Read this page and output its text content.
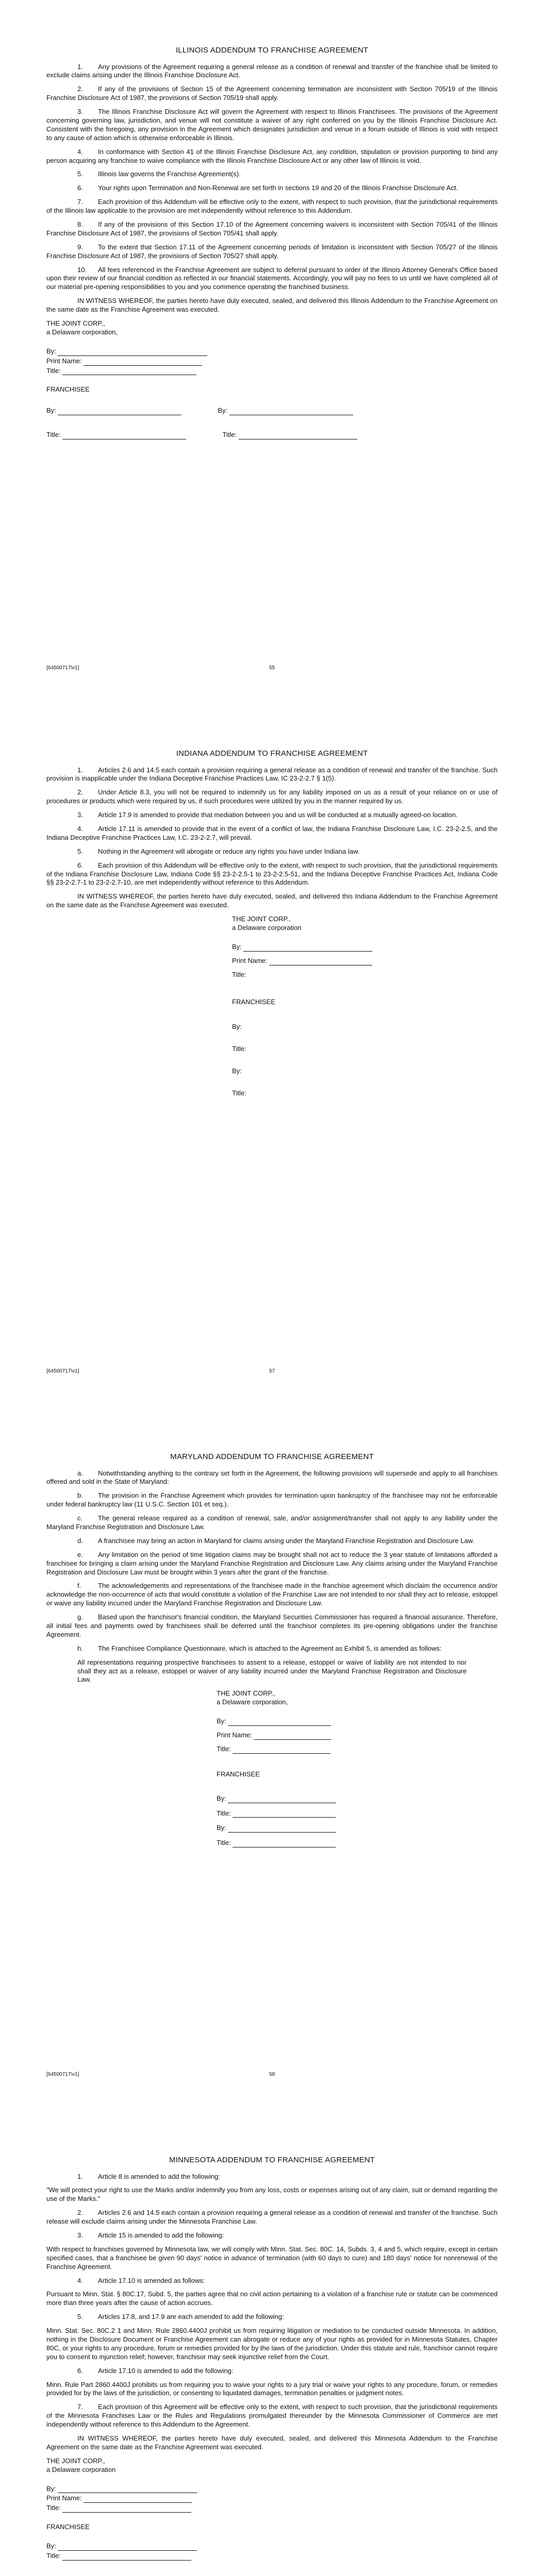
ILLINOIS ADDENDUM TO FRANCHISE AGREEMENT

1. Any provisions of the Agreement requiring a general release as a condition of renewal and transfer of the franchise shall be limited to exclude claims arising under the Illinois Franchise Disclosure Act.

2. If any of the provisions of Section 15 of the Agreement concerning termination are inconsistent with Section 705/19 of the Illinois Franchise Disclosure Act of 1987, the provisions of Section 705/19 shall apply.

3. The Illinois Franchise Disclosure Act will govern the Agreement with respect to Illinois Franchisees. The provisions of the Agreement concerning governing law, jurisdiction, and venue will not constitute a waiver of any right conferred on you by the Illinois Franchise Disclosure Act. Consistent with the foregoing, any provision in the Agreement which designates jurisdiction and venue in a forum outside of Illinois is void with respect to any cause of action which is otherwise enforceable in Illinois.

4. In conformance with Section 41 of the Illinois Franchise Disclosure Act, any condition, stipulation or provision purporting to bind any person acquiring any franchise to waive compliance with the Illinois Franchise Disclosure Act or any other law of Illinois is void.

5. Illinois law governs the Franchise Agreement(s).

6. Your rights upon Termination and Non-Renewal are set forth in sections 19 and 20 of the Illinois Franchise Disclosure Act.

7. Each provision of this Addendum will be effective only to the extent, with respect to such provision, that the jurisdictional requirements of the Illinois law applicable to the provision are met independently without reference to this Addendum.

8. If any of the provisions of this Section 17.10 of the Agreement concerning waivers is inconsistent with Section 705/41 of the Illinois Franchise Disclosure Act of 1987, the provisions of Section 705/41 shall apply.

9. To the extent that Section 17.11 of the Agreement concerning periods of limitation is inconsistent with Section 705/27 of the Illinois Franchise Disclosure Act of 1987, the provisions of Section 705/27 shall apply.

10. All fees referenced in the Franchise Agreement are subject to deferral pursuant to order of the Illinois Attorney General's Office based upon their review of our financial condition as reflected in our financial statements. Accordingly, you will pay no fees to us until we have completed all of our material pre-opening responsibilities to you and you commence operating the franchised business.

IN WITNESS WHEREOF, the parties hereto have duly executed, sealed, and delivered this Illinois Addendum to the Franchise Agreement on the same date as the Franchise Agreement was executed.

THE JOINT CORP.,
a Delaware corporation,
By:
Print Name:
Title:
FRANCHISEE
By:	By:
Title:	Title:
[64500717\v1]	55
INDIANA ADDENDUM TO FRANCHISE AGREEMENT

1. Articles 2.6 and 14.5 each contain a provision requiring a general release as a condition of renewal and transfer of the franchise. Such provision is inapplicable under the Indiana Deceptive Franchise Practices Law, IC 23-2-2.7 § 1(5).

2. Under Article 8.3, you will not be required to indemnify us for any liability imposed on us as a result of your reliance on or use of procedures or products which were required by us, if such procedures were utilized by you in the manner required by us.

3. Article 17.9 is amended to provide that mediation between you and us will be conducted at a mutually agreed-on location.

4. Article 17.11 is amended to provide that in the event of a conflict of law, the Indiana Franchise Disclosure Law, I.C. 23-2-2.5, and the Indiana Deceptive Franchise Practices Law, I.C. 23-2-2.7, will prevail.

5. Nothing in the Agreement will abrogate or reduce any rights you have under Indiana law.

6. Each provision of this Addendum will be effective only to the extent, with respect to such provision, that the jurisdictional requirements of the Indiana Franchise Disclosure Law, Indiana Code §§ 23-2-2.5-1 to 23-2-2.5-51, and the Indiana Deceptive Franchise Practices Act, Indiana Code §§ 23-2-2.7-1 to 23-2-2.7-10, are met independently without reference to this Addendum.

IN WITNESS WHEREOF, the parties hereto have duly executed, sealed, and delivered this Indiana Addendum to the Franchise Agreement on the same date as the Franchise Agreement was executed.

THE JOINT CORP.,
a Delaware corporation
By:
Print Name:
Title:
FRANCHISEE
By:
Title:
By:
Title:
[64500717\v1]	57
MARYLAND ADDENDUM TO FRANCHISE AGREEMENT

a. Notwithstanding anything to the contrary set forth in the Agreement, the following provisions will supersede and apply to all franchises offered and sold in the State of Maryland:

b. The provision in the Franchise Agreement which provides for termination upon bankruptcy of the franchisee may not be enforceable under federal bankruptcy law (11 U.S.C. Section 101 et seq.).

c. The general release required as a condition of renewal, sale, and/or assignment/transfer shall not apply to any liability under the Maryland Franchise Registration and Disclosure Law.

d. A franchisee may bring an action in Maryland for claims arising under the Maryland Franchise Registration and Disclosure Law.

e. Any limitation on the period of time litigation claims may be brought shall not act to reduce the 3 year statute of limitations afforded a franchisee for bringing a claim arising under the Maryland Franchise Registration and Disclosure Law. Any claims arising under the Maryland Franchise Registration and Disclosure Law must be brought within 3 years after the grant of the franchise.

f.	The acknowledgements and representations of the franchisee made in the franchise agreement which disclaim the occurrence and/or acknowledge the non-occurrence of acts that would constitute a violation of the Franchise Law are not intended to nor shall they act to release, estoppel or waive any liability incurred under the Maryland Franchise Registration and Disclosure Law.

g. Based upon the franchisor's financial condition, the Maryland Securities Commissioner has required a financial assurance. Therefore, all initial fees and payments owed by franchisees shall be deferred until the franchisor completes its pre-opening obligations under the franchise Agreement.

h. The Franchisee Compliance Questionnaire, which is attached to the Agreement as Exhibit 5, is amended as follows:

All representations requiring prospective franchisees to assent to a release, estoppel or waive of liability are not intended to nor shall they act as a release, estoppel or waiver of any liability incurred under the Maryland Franchise Registration and Disclosure Law.

THE JOINT CORP.,
a Delaware corporation,
By:
Print Name:
Title:
FRANCHISEE
By:
Title:
By:
Title:
[64500717\v1]	58
MINNESOTA ADDENDUM TO FRANCHISE AGREEMENT

1. Article 8 is amended to add the following:

"We will protect your right to use the Marks and/or indemnify you from any loss, costs or expenses arising out of any claim, suit or demand regarding the use of the Marks."

2. Articles 2.6 and 14.5 each contain a provision requiring a general release as a condition of renewal and transfer of the franchise. Such release will exclude claims arising under the Minnesota Franchise Law.

3. Article 15 is amended to add the following:

With respect to franchises governed by Minnesota law, we will comply with Minn. Stat. Sec. 80C. 14, Subds. 3, 4 and 5, which require, except in certain specified cases, that a franchisee be given 90 days' notice in advance of termination (with 60 days to cure) and 180 days' notice for nonrenewal of the Franchise Agreement.

4. Article 17.10 is amended as follows:

Pursuant to Minn. Stat. § 80C.17, Subd. 5, the parties agree that no civil action pertaining to a violation of a franchise rule or statute can be commenced more than three years after the cause of action accrues.

5. Articles 17.8, and 17.9 are each amended to add the following:

Minn. Stat. Sec. 80C.2 1 and Minn. Rule 2860.4400J prohibit us from requiring litigation or mediation to be conducted outside Minnesota. In addition, nothing in the Disclosure Document or Franchise Agreement can abrogate or reduce any of your rights as provided for in Minnesota Statutes, Chapter 80C, or your rights to any procedure, forum or remedies provided for by the laws of the jurisdiction. Under this statute and rule, franchisor cannot require you to consent to injunction relief; however, franchisor may seek injunctive relief from the Court.

6. Article 17.10 is amended to add the following:

Minn. Rule Part 2860.4400J prohibits us from requiring you to waive your rights to a jury trial or waive your rights to any procedure, forum, or remedies provided for by the laws of the jurisdiction, or consenting to liquidated damages, termination penalties or judgment notes.

7. Each provision of this Agreement will be effective only to the extent, with respect to such provision, that the jurisdictional requirements of the Minnesota Franchises Law or the Rules and Regulations promulgated thereunder by the Minnesota Commissioner of Commerce are met independently without reference to this Addendum to the Agreement.

IN WITNESS WHEREOF, the parties hereto have duly executed, sealed, and delivered this Minnesota Addendum to the Franchise Agreement on the same date as the Franchise Agreement was executed.

THE JOINT CORP.,
a Delaware corporation
By:
Print Name:
Title:
FRANCHISEE
By:
Title:
